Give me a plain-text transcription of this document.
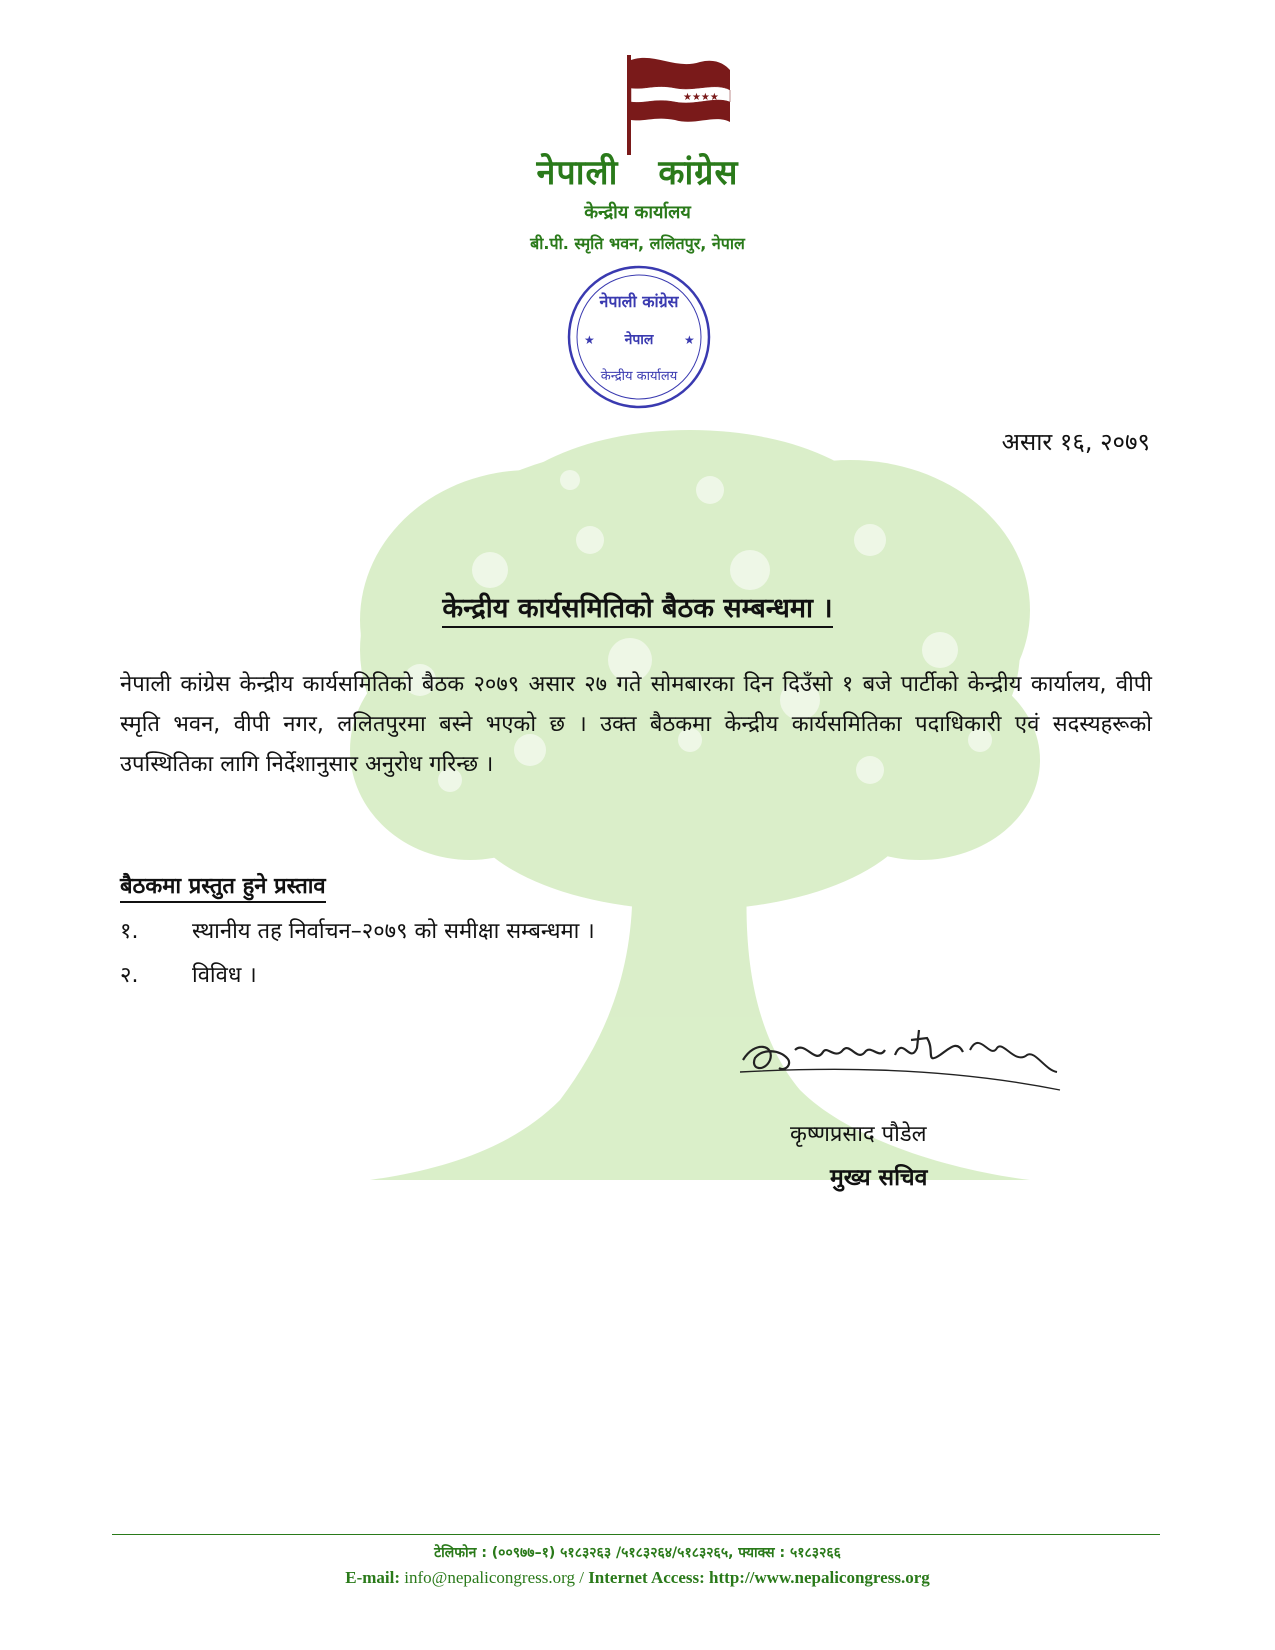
★★★★
नेपाली कांग्रेस
केन्द्रीय कार्यालय
बी.पी. स्मृति भवन, ललितपुर, नेपाल
नेपाली कांग्रेस
नेपाल
★	★
केन्द्रीय कार्यालय
असार १६, २०७९
केन्द्रीय कार्यसमितिको बैठक सम्बन्धमा ।
नेपाली कांग्रेस केन्द्रीय कार्यसमितिको बैठक २०७९ असार २७ गते सोमबारका दिन दिउँसो १ बजे पार्टीको केन्द्रीय कार्यालय, वीपी स्मृति भवन, वीपी नगर, ललितपुरमा बस्ने भएको छ । उक्त बैठकमा केन्द्रीय कार्यसमितिका पदाधिकारी एवं सदस्यहरूको उपस्थितिका लागि निर्देशानुसार अनुरोध गरिन्छ ।
बैठकमा प्रस्तुत हुने प्रस्ताव
१.	स्थानीय तह निर्वाचन–२०७९ को समीक्षा सम्बन्धमा ।
२.	विविध ।
कृष्णप्रसाद पौडेल
मुख्य सचिव
टेलिफोन : (००९७७–१) ५१८३२६३ /५१८३२६४/५१८३२६५, फ्याक्स : ५१८३२६६
E-mail: info@nepalicongress.org / Internet Access: http://www.nepalicongress.org
